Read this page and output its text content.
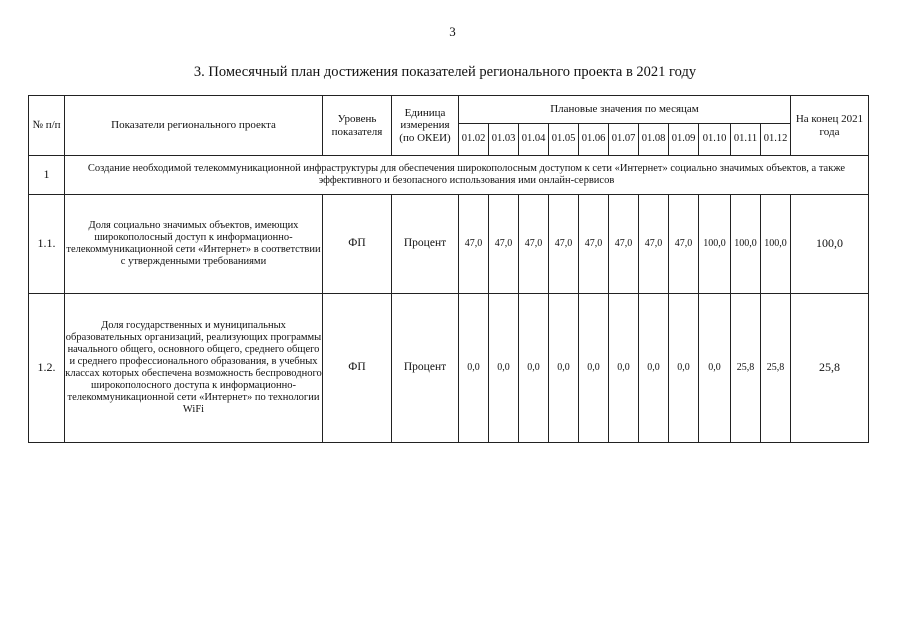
3
3. Помесячный план достижения показателей регионального проекта в 2021 году
№ п/п	Показатели регионального проекта	Уровень показателя	Единица измерения (по ОКЕИ)	Плановые значения по месяцам											На конец 2021 года
				01.02	01.03	01.04	01.05	01.06	01.07	01.08	01.09	01.10	01.11	01.12	
1	Создание необходимой телекоммуникационной инфраструктуры для обеспечения широкополосным доступом к сети «Интернет» социально значимых объектов, а также эффективного и безопасного использования ими онлайн-сервисов														
1.1.	Доля социально значимых объектов, имеющих широкополосный доступ к информационно-телекоммуникационной сети «Интернет» в соответствии с утвержденными требованиями	ФП	Процент	47,0	47,0	47,0	47,0	47,0	47,0	47,0	47,0	100,0	100,0	100,0	100,0
1.2.	Доля государственных и муниципальных образовательных организаций, реализующих программы начального общего, основного общего, среднего общего и среднего профессионального образования, в учебных классах которых обеспечена возможность беспроводного широкополосного доступа к информационно-телекоммуникационной сети «Интернет» по технологии WiFi	ФП	Процент	0,0	0,0	0,0	0,0	0,0	0,0	0,0	0,0	0,0	25,8	25,8	25,8
